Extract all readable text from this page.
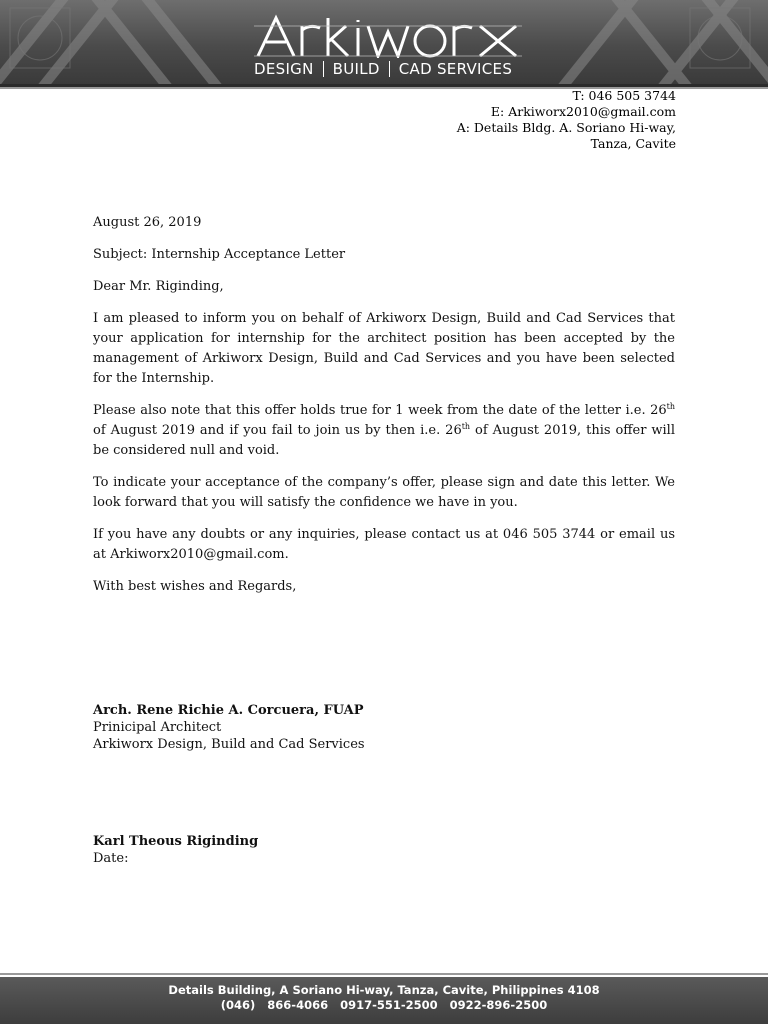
DESIGN BUILD CAD SERVICES
T: 046 505 3744
E: Arkiworx2010@gmail.com
A: Details Bldg. A. Soriano Hi-way,
Tanza, Cavite

August 26, 2019

Subject: Internship Acceptance Letter

Dear Mr. Riginding,

I am pleased to inform you on behalf of Arkiworx Design, Build and Cad Services that your application for internship for the architect position has been accepted by the management of Arkiworx Design, Build and Cad Services and you have been selected for the Internship.

Please also note that this offer holds true for 1 week from the date of the letter i.e. 26th of August 2019 and if you fail to join us by then i.e. 26th of August 2019, this offer will be considered null and void.

To indicate your acceptance of the company’s offer, please sign and date this letter. We look forward that you will satisfy the confidence we have in you.

If you have any doubts or any inquiries, please contact us at 046 505 3744 or email us at Arkiworx2010@gmail.com.

With best wishes and Regards,

Arch. Rene Richie A. Corcuera, FUAP
Prinicipal Architect
Arkiworx Design, Build and Cad Services
Karl Theous Riginding
Date:
Details Building, A Soriano Hi-way, Tanza, Cavite, Philippines 4108
(046) 866-4066 0917-551-2500 0922-896-2500
